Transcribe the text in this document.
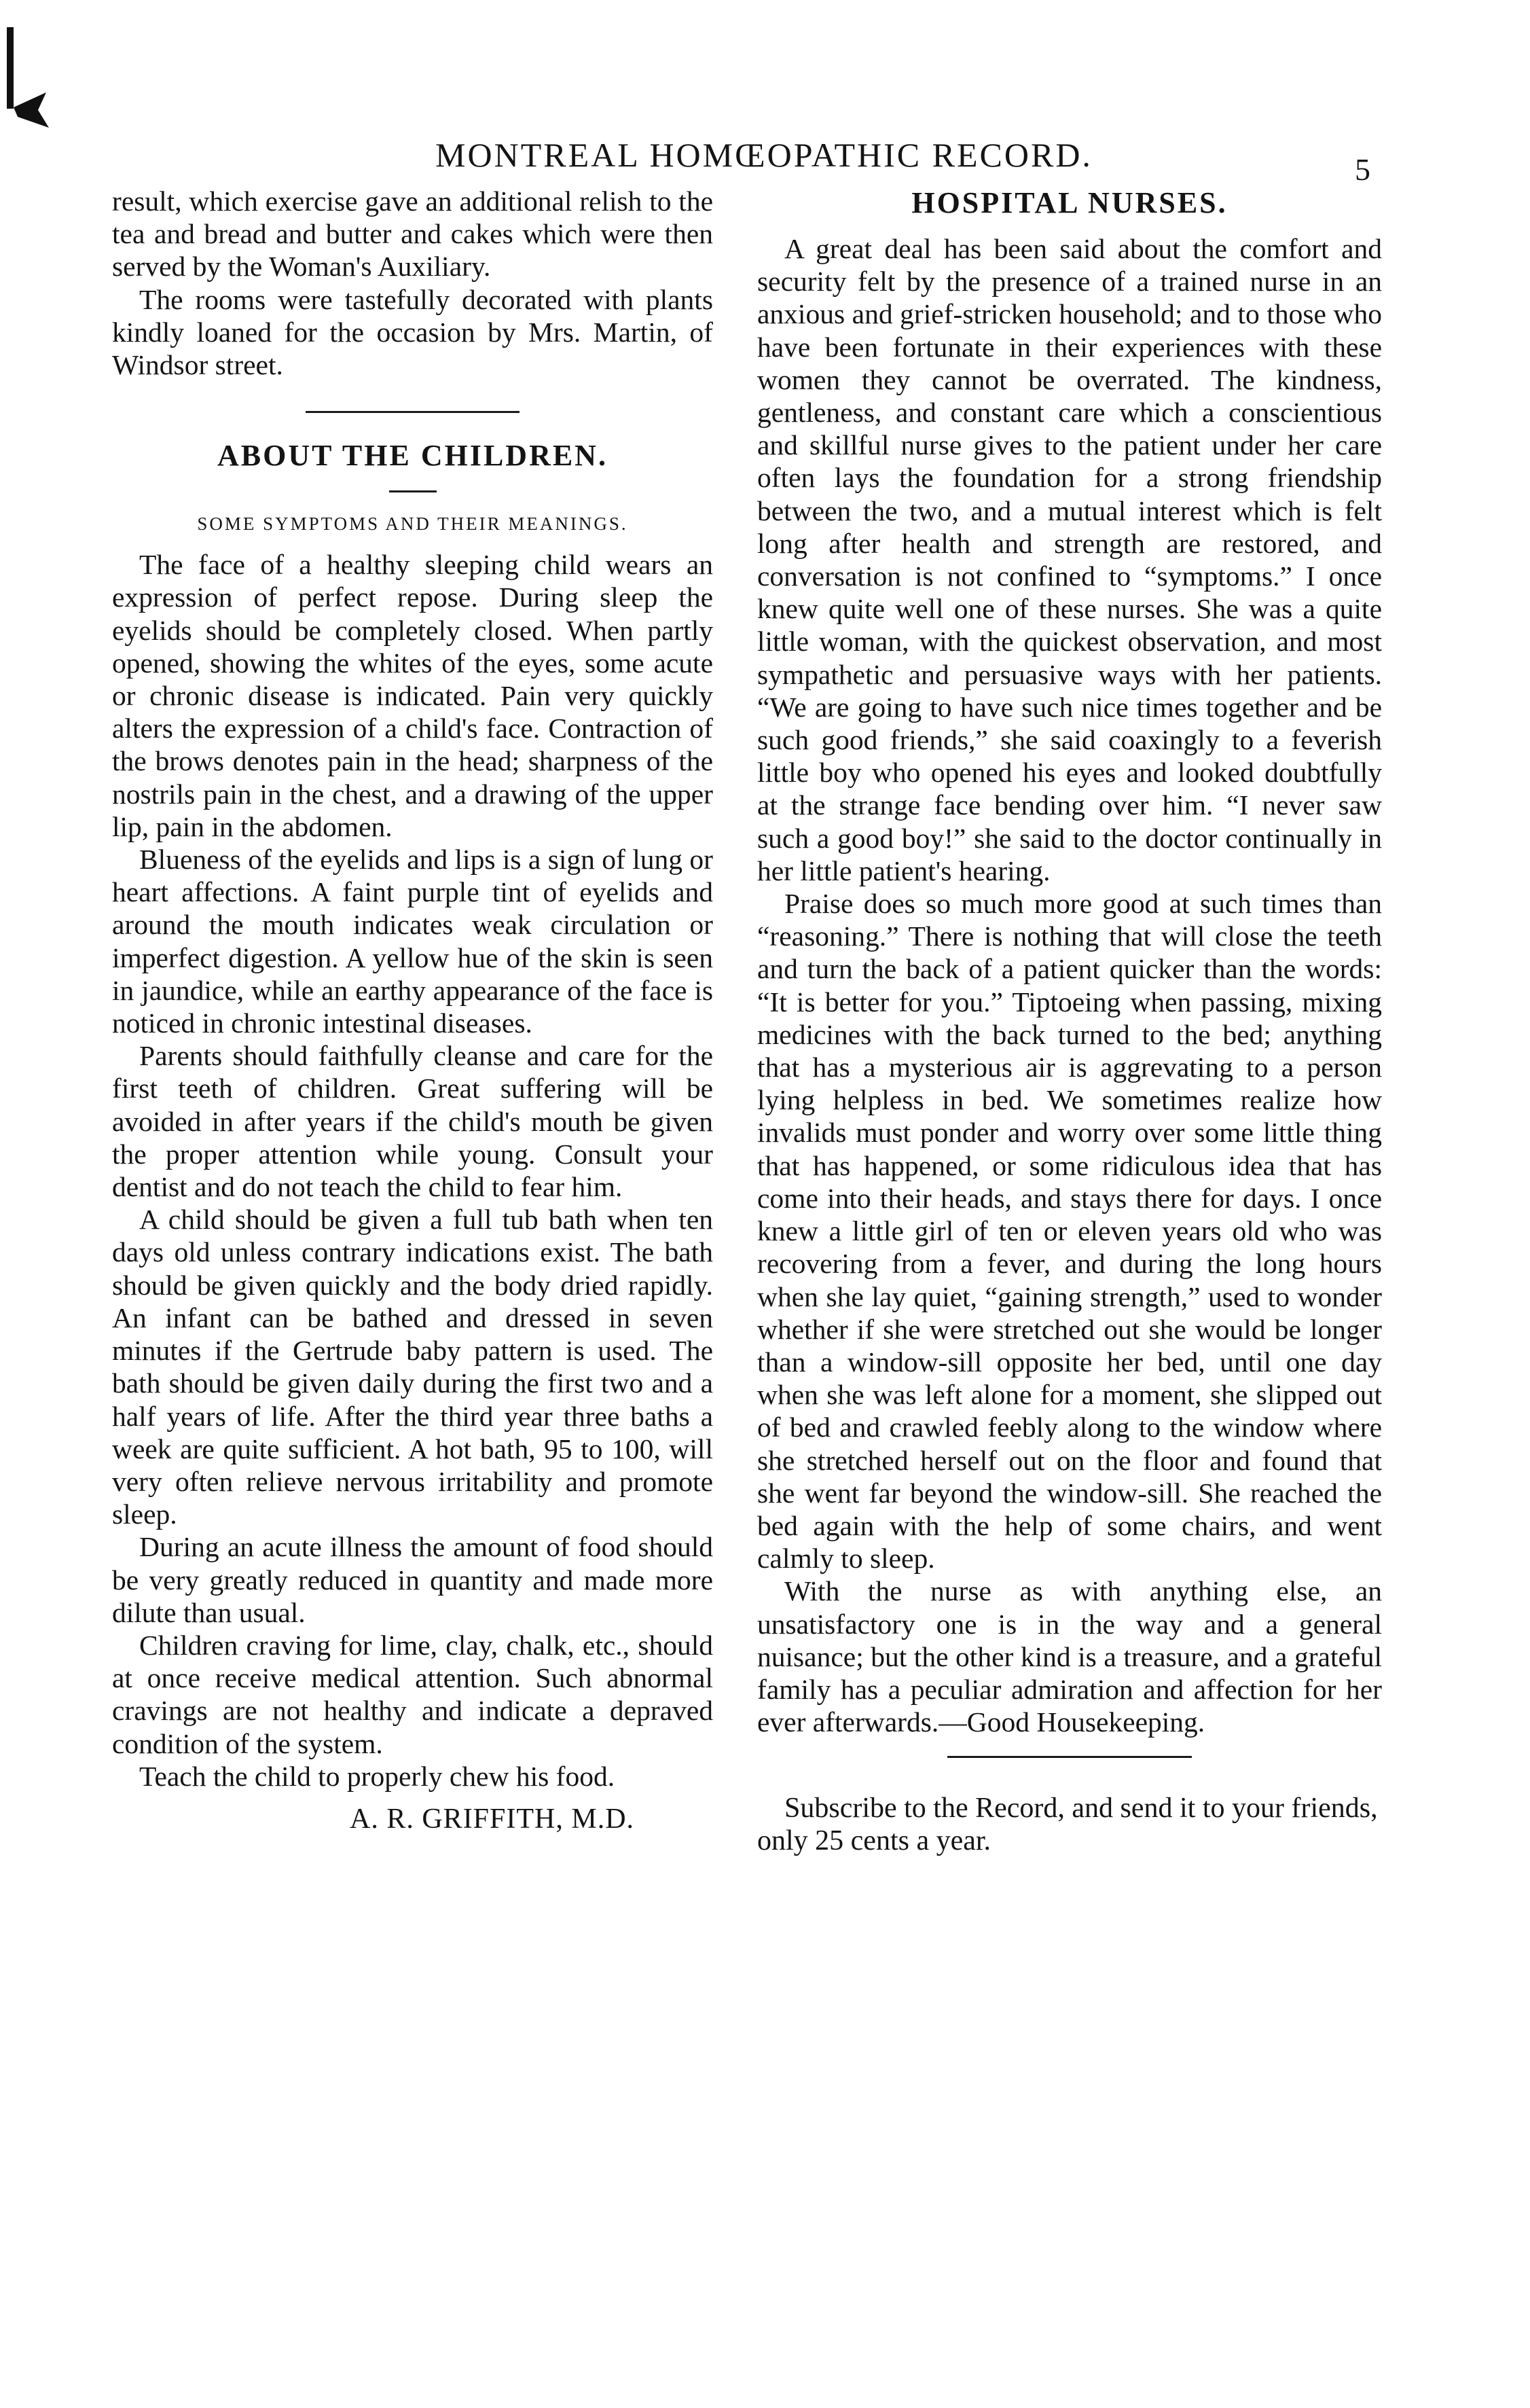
MONTREAL HOMŒOPATHIC RECORD.	5

result, which exercise gave an additional relish to the tea and bread and butter and cakes which were then served by the Woman's Auxiliary.

The rooms were tastefully decorated with plants kindly loaned for the occasion by Mrs. Martin, of Windsor street.

ABOUT THE CHILDREN.
SOME SYMPTOMS AND THEIR MEANINGS.

The face of a healthy sleeping child wears an expression of perfect repose. During sleep the eyelids should be completely closed. When partly opened, showing the whites of the eyes, some acute or chronic disease is indicated. Pain very quickly alters the expression of a child's face. Contraction of the brows denotes pain in the head; sharpness of the nostrils pain in the chest, and a drawing of the upper lip, pain in the abdomen.

Blueness of the eyelids and lips is a sign of lung or heart affections. A faint purple tint of eyelids and around the mouth indicates weak circulation or imperfect digestion. A yellow hue of the skin is seen in jaundice, while an earthy appearance of the face is noticed in chronic intestinal diseases.

Parents should faithfully cleanse and care for the first teeth of children. Great suffering will be avoided in after years if the child's mouth be given the proper attention while young. Consult your dentist and do not teach the child to fear him.

A child should be given a full tub bath when ten days old unless contrary indications exist. The bath should be given quickly and the body dried rapidly. An infant can be bathed and dressed in seven minutes if the Gertrude baby pattern is used. The bath should be given daily during the first two and a half years of life. After the third year three baths a week are quite sufficient. A hot bath, 95 to 100, will very often relieve nervous irritability and promote sleep.

During an acute illness the amount of food should be very greatly reduced in quantity and made more dilute than usual.

Children craving for lime, clay, chalk, etc., should at once receive medical attention. Such abnormal cravings are not healthy and indicate a depraved condition of the system.

Teach the child to properly chew his food.

A. R. GRIFFITH, M.D.
HOSPITAL NURSES.

A great deal has been said about the comfort and security felt by the presence of a trained nurse in an anxious and grief-stricken household; and to those who have been fortunate in their experiences with these women they cannot be overrated. The kindness, gentleness, and constant care which a conscientious and skillful nurse gives to the patient under her care often lays the foundation for a strong friendship between the two, and a mutual interest which is felt long after health and strength are restored, and conversation is not confined to “symptoms.” I once knew quite well one of these nurses. She was a quite little woman, with the quickest observation, and most sympathetic and persuasive ways with her patients. “We are going to have such nice times together and be such good friends,” she said coaxingly to a feverish little boy who opened his eyes and looked doubtfully at the strange face bending over him. “I never saw such a good boy!” she said to the doctor continually in her little patient's hearing.

Praise does so much more good at such times than “reasoning.” There is nothing that will close the teeth and turn the back of a patient quicker than the words: “It is better for you.” Tiptoeing when passing, mixing medicines with the back turned to the bed; anything that has a mysterious air is aggrevating to a person lying helpless in bed. We sometimes realize how invalids must ponder and worry over some little thing that has happened, or some ridiculous idea that has come into their heads, and stays there for days. I once knew a little girl of ten or eleven years old who was recovering from a fever, and during the long hours when she lay quiet, “gaining strength,” used to wonder whether if she were stretched out she would be longer than a window-sill opposite her bed, until one day when she was left alone for a moment, she slipped out of bed and crawled feebly along to the window where she stretched herself out on the floor and found that she went far beyond the window-sill. She reached the bed again with the help of some chairs, and went calmly to sleep.

With the nurse as with anything else, an unsatisfactory one is in the way and a general nuisance; but the other kind is a treasure, and a grateful family has a peculiar admiration and affection for her ever afterwards.—Good Housekeeping.

Subscribe to the Record, and send it to your friends, only 25 cents a year.
